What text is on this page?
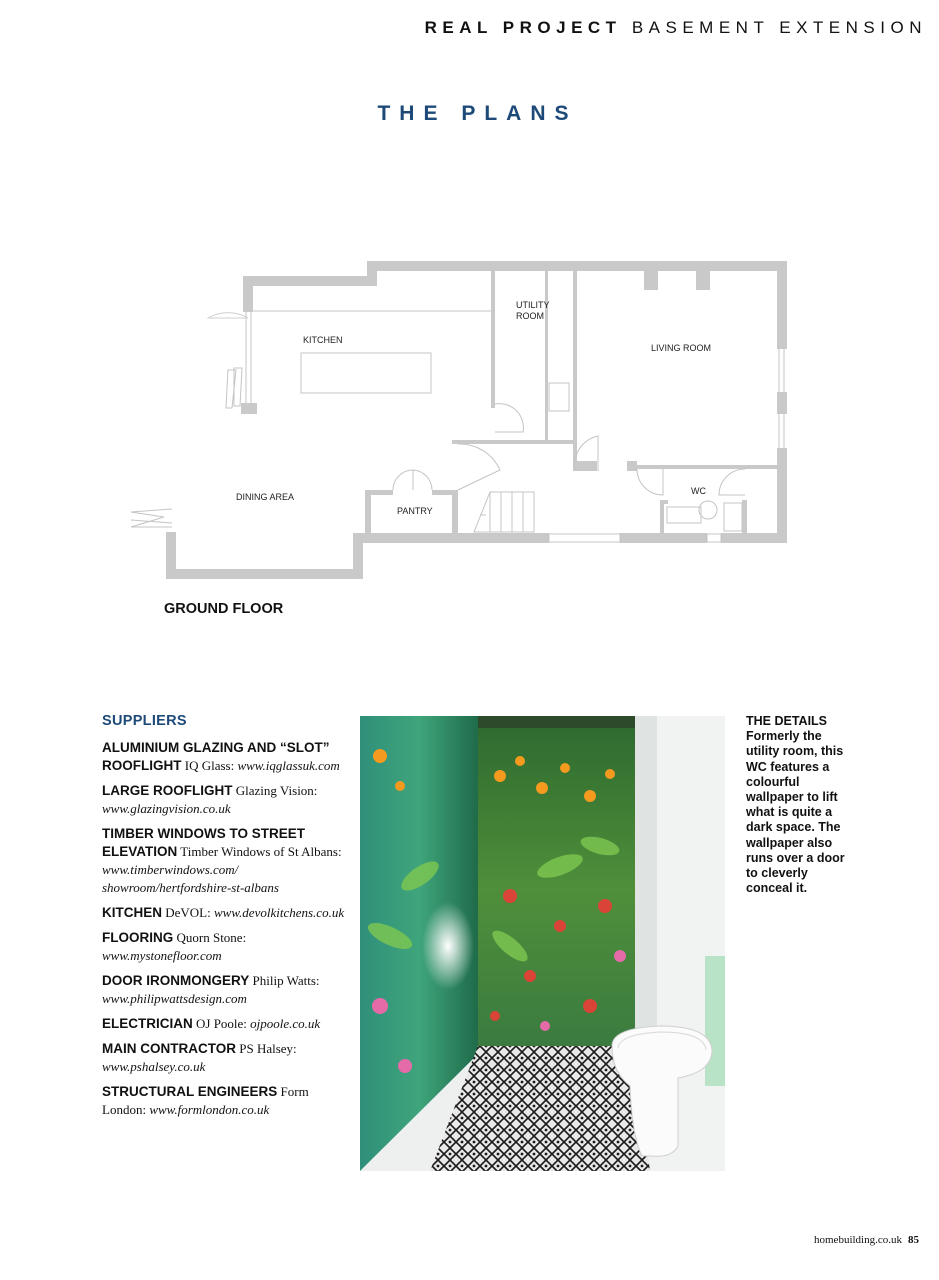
REAL PROJECT BASEMENT EXTENSION
THE PLANS
KITCHEN
UTILITY
ROOM
LIVING ROOM
DINING AREA
PANTRY
WC
GROUND FLOOR
SUPPLIERS
ALUMINIUM GLAZING AND “SLOT” ROOFLIGHT IQ Glass: www.iqglassuk.com
LARGE ROOFLIGHT Glazing Vision: www.glazingvision.co.uk
TIMBER WINDOWS TO STREET ELEVATION Timber Windows of St Albans: www.timberwindows.com/ showroom/hertfordshire-st-albans
KITCHEN DeVOL: www.devolkitchens.co.uk
FLOORING Quorn Stone: www.mystonefloor.com
DOOR IRONMONGERY Philip Watts: www.philipwattsdesign.com
ELECTRICIAN OJ Poole: ojpoole.co.uk
MAIN CONTRACTOR PS Halsey: www.pshalsey.co.uk
STRUCTURAL ENGINEERS Form London: www.formlondon.co.uk
THE DETAILS
Formerly the utility room, this WC features a colourful wallpaper to lift what is quite a dark space. The wallpaper also runs over a door to cleverly conceal it.
homebuilding.co.uk 85
